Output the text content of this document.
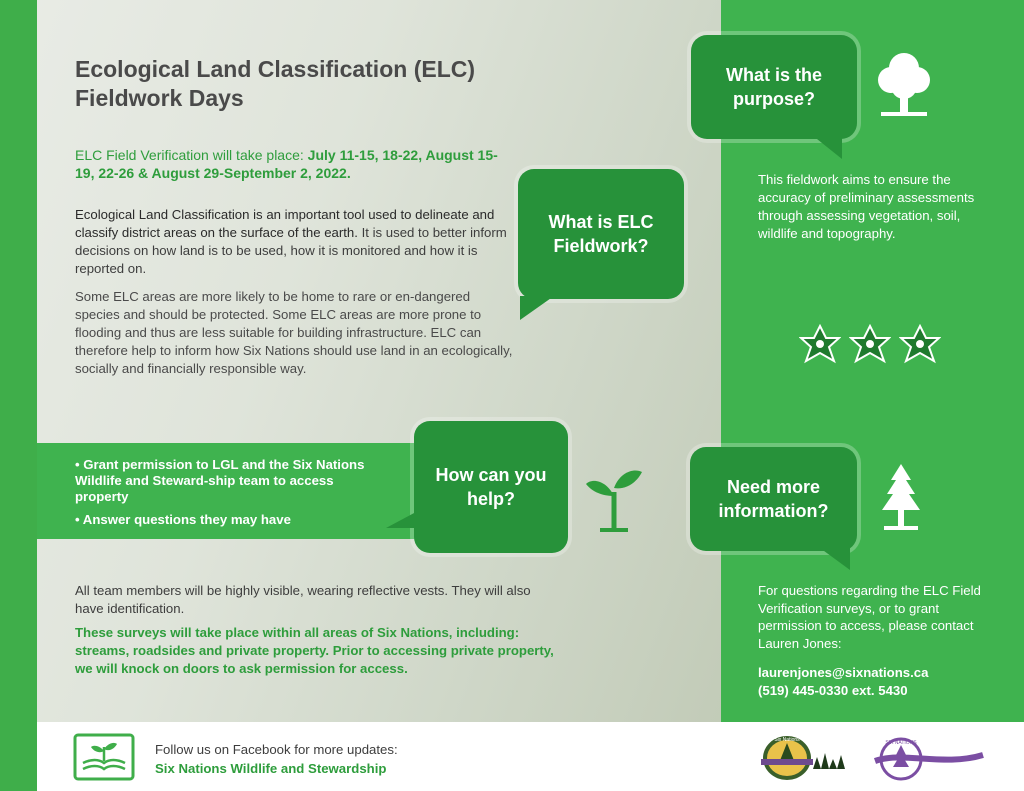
Ecological Land Classification (ELC) Fieldwork Days

ELC Field Verification will take place: July 11-15, 18-22, August 15-19, 22-26 & August 29-September 2, 2022.

Ecological Land Classification is an important tool used to delineate and classify district areas on the surface of the earth. It is used to better inform decisions on how land is to be used, how it is monitored and how it is reported on.

Some ELC areas are more likely to be home to rare or en-dangered species and should be protected. Some ELC areas are more prone to flooding and thus are less suitable for building infrastructure. ELC can therefore help to inform how Six Nations should use land in an ecologically, socially and financially responsible way.

• Grant permission to LGL and the Six Nations Wildlife and Steward-ship team to access property
• Answer questions they may have
What is the purpose?
What is ELC Fieldwork?
How can you help?
Need more information?

This fieldwork aims to ensure the accuracy of preliminary assessments through assessing vegetation, soil, wildlife and topography.

For questions regarding the ELC Field Verification surveys, or to grant permission to access, please contact Lauren Jones:

laurenjones@sixnations.ca
(519) 445-0330 ext. 5430

All team members will be highly visible, wearing reflective vests. They will also have identification.

These surveys will take place within all areas of Six Nations, including: streams, roadsides and private property. Prior to accessing private property, we will knock on doors to ask permission for access.

Follow us on Facebook for more updates:

Six Nations Wildlife and Stewardship

Six Nations	SIX NATIONS
